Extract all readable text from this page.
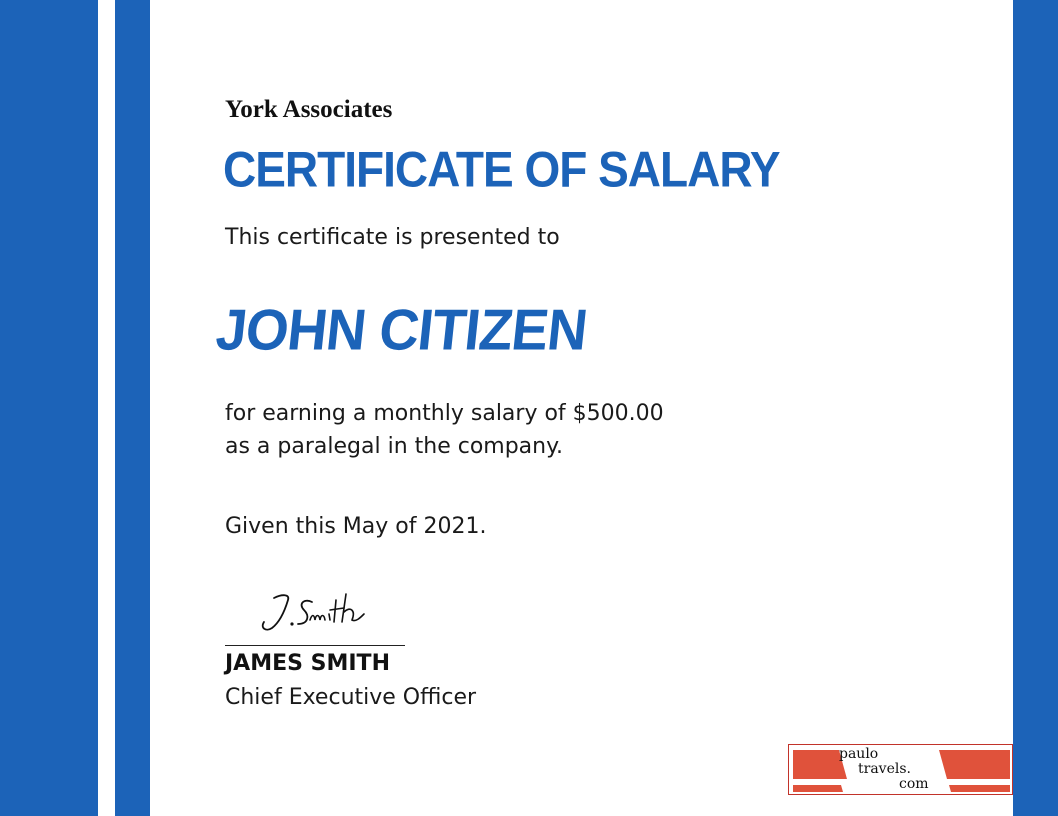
York Associates
CERTIFICATE OF SALARY
This certificate is presented to
JOHN CITIZEN
for earning a monthly salary of $500.00
as a paralegal in the company.
Given this May of 2021.
JAMES SMITH
Chief Executive Officer
paulo
travels.
com
